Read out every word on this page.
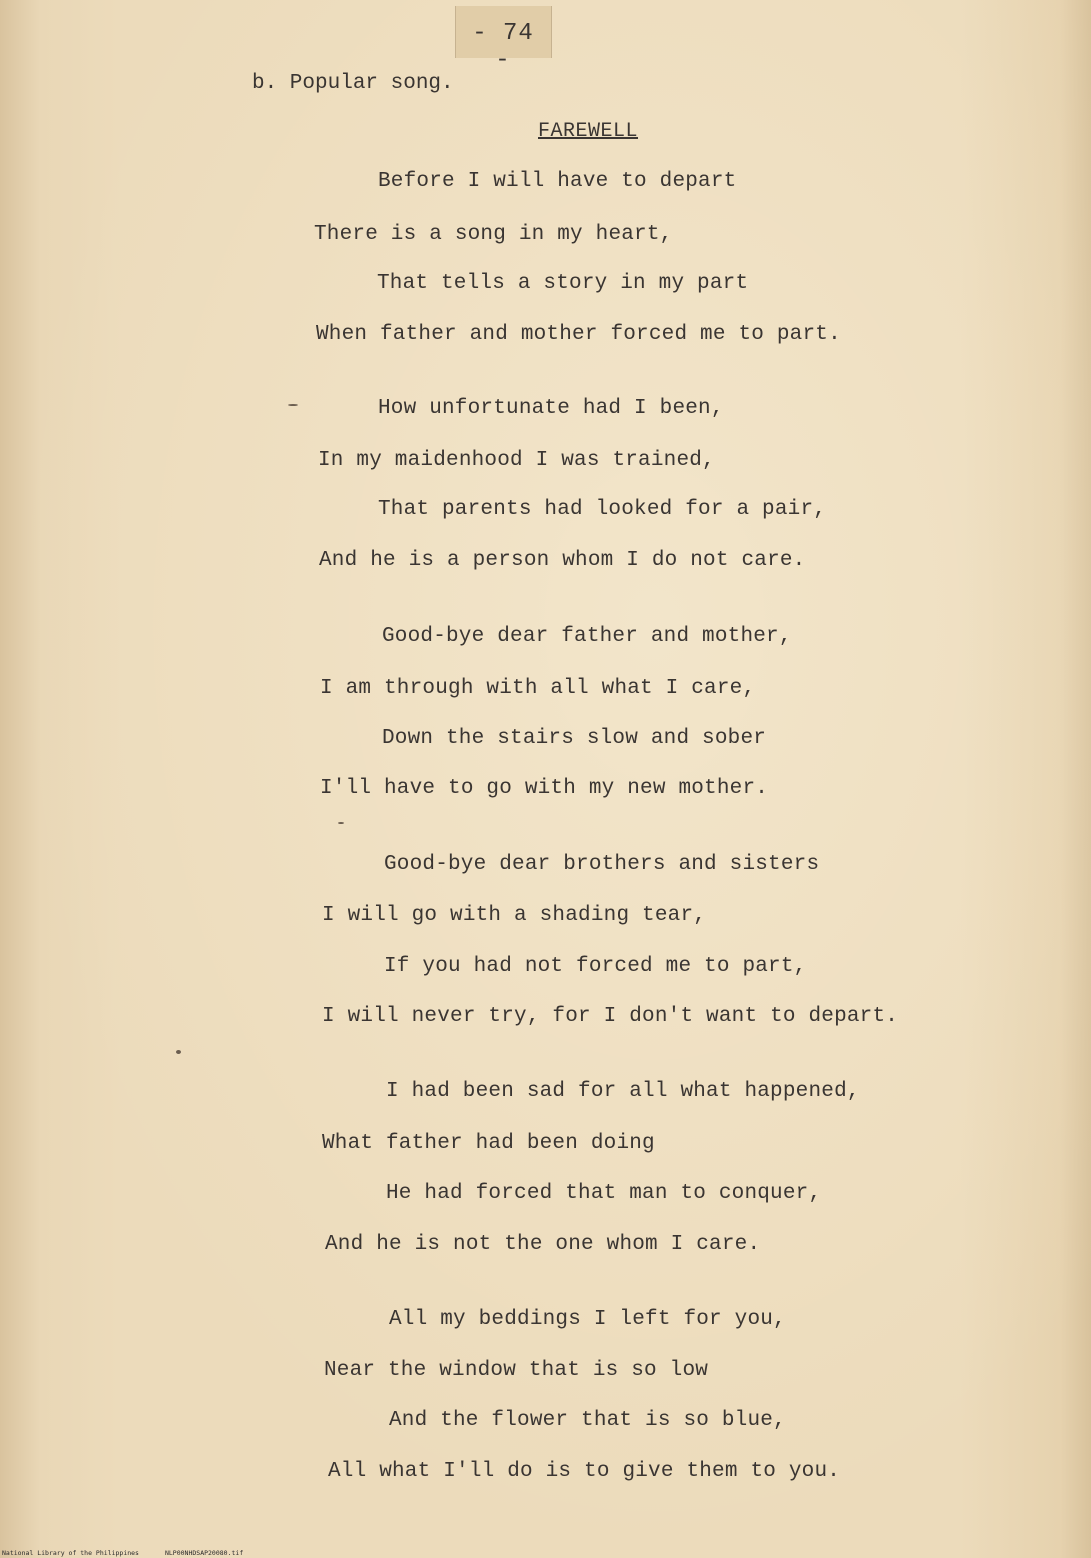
- 74 -
b. Popular song.
FAREWELL
Before I will have to depart
There is a song in my heart,
That tells a story in my part
When father and mother forced me to part.
How unfortunate had I been,
In my maidenhood I was trained,
That parents had looked for a pair,
And he is a person whom I do not care.
Good-bye dear father and mother,
I am through with all what I care,
Down the stairs slow and sober
I'll have to go with my new mother.
Good-bye dear brothers and sisters
I will go with a shading tear,
If you had not forced me to part,
I will never try, for I don't want to depart.
I had been sad for all what happened,
What father had been doing
He had forced that man to conquer,
And he is not the one whom I care.
All my beddings I left for you,
Near the window that is so low
And the flower that is so blue,
All what I'll do is to give them to you.
National Library of the Philippines	NLP00NHDSAP20080.tif
